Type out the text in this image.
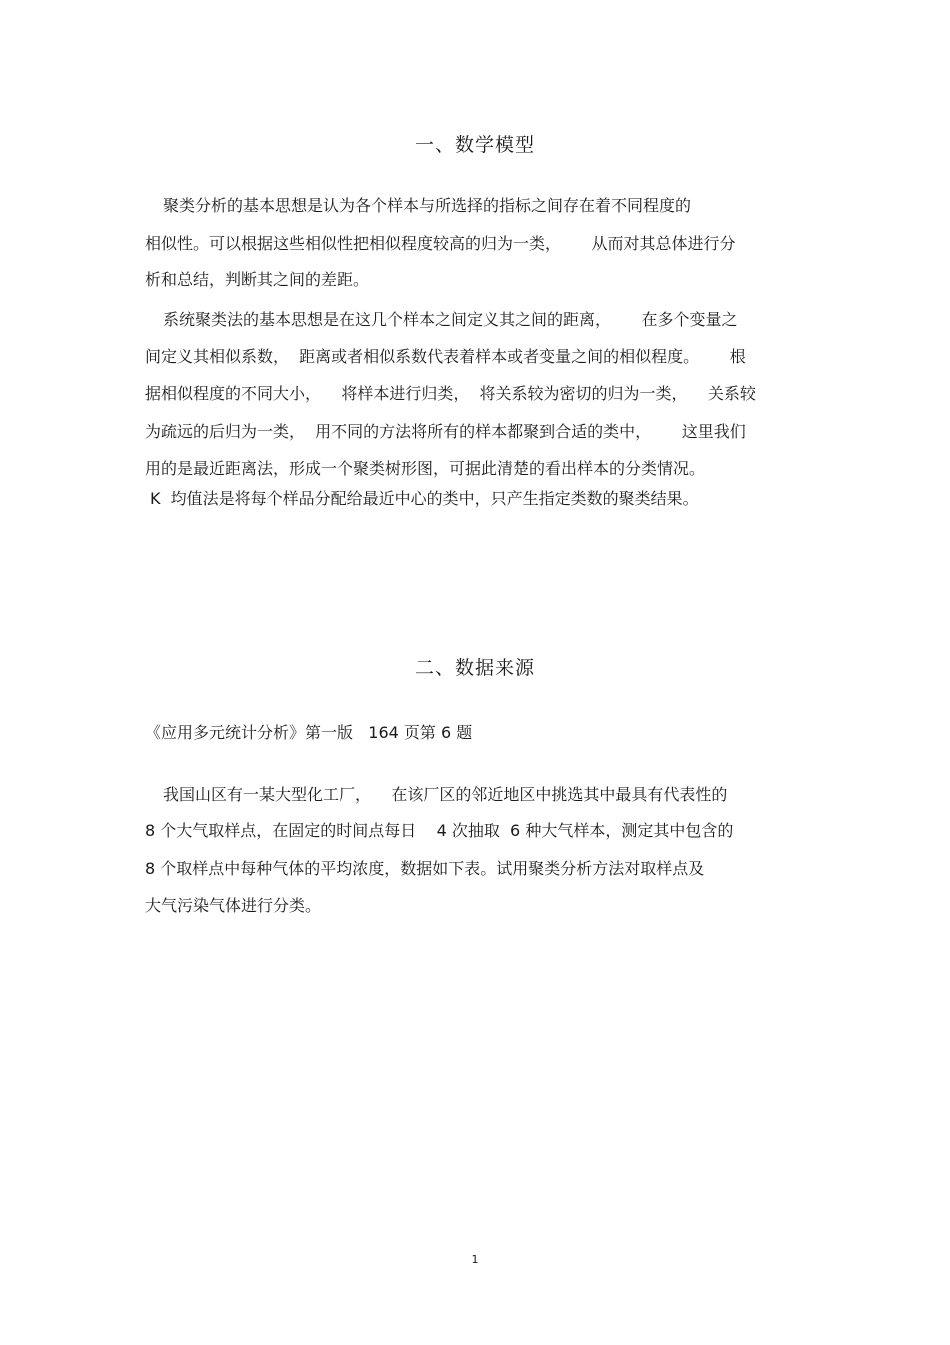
一、数学模型
聚类分析的基本思想是认为各个样本与所选择的指标之间存在着不同程度的
相似性。可以根据这些相似性把相似程度较高的归为一类，      从而对其总体进行分
析和总结，判断其之间的差距。
系统聚类法的基本思想是在这几个样本之间定义其之间的距离，      在多个变量之
间定义其相似系数，  距离或者相似系数代表着样本或者变量之间的相似程度。      根
据相似程度的不同大小，    将样本进行归类，  将关系较为密切的归为一类，    关系较
为疏远的后归为一类，  用不同的方法将所有的样本都聚到合适的类中，      这里我们
用的是最近距离法，形成一个聚类树形图，可据此清楚的看出样本的分类情况。
K  均值法是将每个样品分配给最近中心的类中，只产生指定类数的聚类结果。
二、数据来源
《应用多元统计分析》第一版   164 页第 6 题
我国山区有一某大型化工厂，    在该厂区的邻近地区中挑选其中最具有代表性的
8 个大气取样点，在固定的时间点每日    4 次抽取  6 种大气样本，测定其中包含的
8 个取样点中每种气体的平均浓度，数据如下表。试用聚类分析方法对取样点及
大气污染气体进行分类。
1
